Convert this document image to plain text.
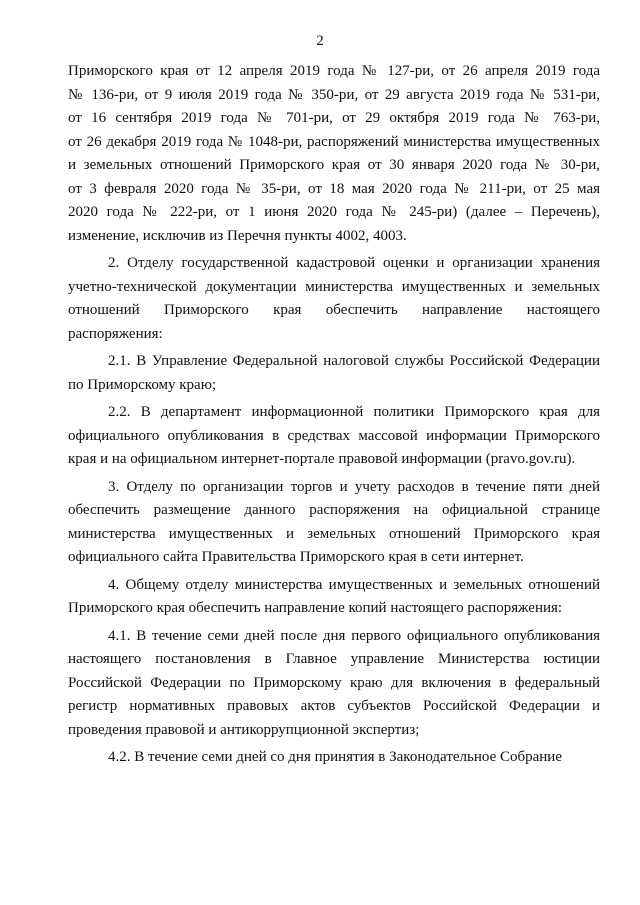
2
Приморского края от 12 апреля 2019 года № 127-ри, от 26 апреля 2019 года
№ 136-ри, от 9 июля 2019 года № 350-ри, от 29 августа 2019 года № 531-ри,
от 16 сентября 2019 года № 701-ри, от 29 октября 2019 года № 763-ри,
от 26 декабря 2019 года № 1048-ри, распоряжений министерства имущественных
и земельных отношений Приморского края от 30 января 2020 года № 30-ри,
от 3 февраля 2020 года № 35-ри, от 18 мая 2020 года № 211-ри, от 25 мая
2020 года № 222-ри, от 1 июня 2020 года № 245-ри) (далее – Перечень),
изменение, исключив из Перечня пункты 4002, 4003.
2. Отделу государственной кадастровой оценки и организации хранения
учетно-технической документации министерства имущественных и земельных
отношений Приморского края обеспечить направление настоящего
распоряжения:
2.1. В Управление Федеральной налоговой службы Российской Федерации
по Приморскому краю;
2.2. В департамент информационной политики Приморского края для
официального опубликования в средствах массовой информации Приморского
края и на официальном интернет-портале правовой информации (pravo.gov.ru).
3. Отделу по организации торгов и учету расходов в течение пяти дней
обеспечить размещение данного распоряжения на официальной странице
министерства имущественных и земельных отношений Приморского края
официального сайта Правительства Приморского края в сети интернет.
4. Общему отделу министерства имущественных и земельных отношений
Приморского края обеспечить направление копий настоящего распоряжения:
4.1. В течение семи дней после дня первого официального опубликования
настоящего постановления в Главное управление Министерства юстиции
Российской Федерации по Приморскому краю для включения в федеральный
регистр нормативных правовых актов субъектов Российской Федерации и
проведения правовой и антикоррупционной экспертиз;
4.2. В течение семи дней со дня принятия в Законодательное Собрание
